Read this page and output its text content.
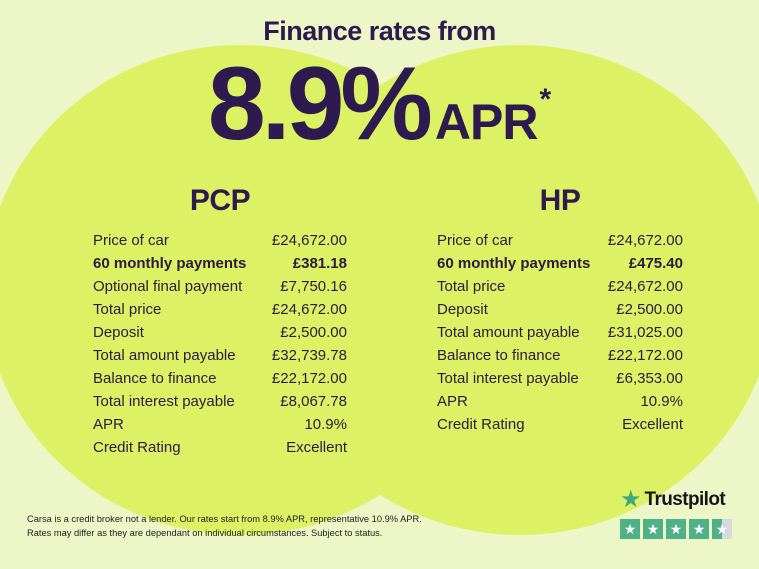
Finance rates from
8.9% APR *
PCP
Price of car	£24,672.00
60 monthly payments	£381.18
Optional final payment	£7,750.16
Total price	£24,672.00
Deposit	£2,500.00
Total amount payable £32,739.78
Balance to finance	£22,172.00
Total interest payable	£8,067.78
APR	10.9%
Credit Rating	Excellent
HP
Price of car	£24,672.00
60 monthly payments	£475.40
Total price	£24,672.00
Deposit	£2,500.00
Total amount payable £31,025.00
Balance to finance	£22,172.00
Total interest payable	£6,353.00
APR	10.9%
Credit Rating	Excellent
Carsa is a credit broker not a lender. Our rates start from 8.9% APR, representative 10.9% APR.
Rates may differ as they are dependant on individual circumstances. Subject to status.
★ Trustpilot
★ ★ ★ ★ ★
